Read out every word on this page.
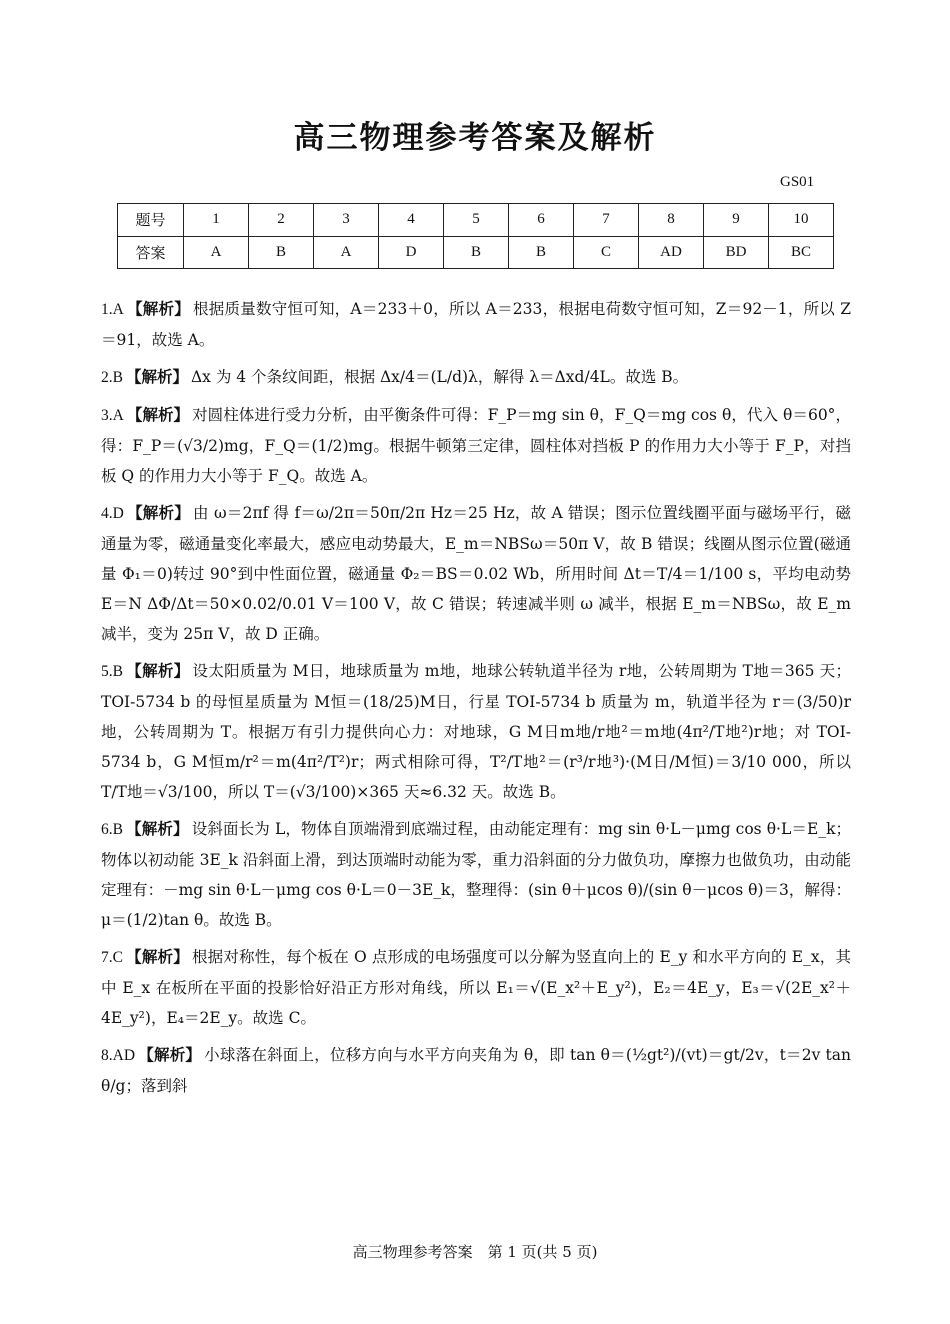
高三物理参考答案及解析
GS01
题号	1	2	3	4	5	6	7	8	9	10
答案	A	B	A	D	B	B	C	AD	BD	BC
1.A 【解析】 根据质量数守恒可知，A＝233＋0，所以 A＝233，根据电荷数守恒可知，Z＝92－1，所以 Z＝91，故选 A。
2.B 【解析】 Δx 为 4 个条纹间距，根据 Δx/4＝(L/d)λ，解得 λ＝Δxd/4L。故选 B。
3.A 【解析】 对圆柱体进行受力分析，由平衡条件可得：F_P＝mg sin θ，F_Q＝mg cos θ，代入 θ＝60°，得：F_P＝(√3/2)mg，F_Q＝(1/2)mg。根据牛顿第三定律，圆柱体对挡板 P 的作用力大小等于 F_P，对挡板 Q 的作用力大小等于 F_Q。故选 A。
4.D 【解析】 由 ω＝2πf 得 f＝ω/2π＝50π/2π Hz＝25 Hz，故 A 错误；图示位置线圈平面与磁场平行，磁通量为零，磁通量变化率最大，感应电动势最大，E_m＝NBSω＝50π V，故 B 错误；线圈从图示位置(磁通量 Φ₁＝0)转过 90°到中性面位置，磁通量 Φ₂＝BS＝0.02 Wb，所用时间 Δt＝T/4＝1/100 s，平均电动势 E＝N ΔΦ/Δt＝50×0.02/0.01 V＝100 V，故 C 错误；转速减半则 ω 减半，根据 E_m＝NBSω，故 E_m 减半，变为 25π V，故 D 正确。
5.B 【解析】 设太阳质量为 M日，地球质量为 m地，地球公转轨道半径为 r地，公转周期为 T地＝365 天；TOI-5734 b 的母恒星质量为 M恒＝(18/25)M日，行星 TOI-5734 b 质量为 m，轨道半径为 r＝(3/50)r地，公转周期为 T。根据万有引力提供向心力：对地球，G M日m地/r地²＝m地(4π²/T地²)r地；对 TOI-5734 b，G M恒m/r²＝m(4π²/T²)r；两式相除可得，T²/T地²＝(r³/r地³)·(M日/M恒)＝3/10 000，所以 T/T地＝√3/100，所以 T＝(√3/100)×365 天≈6.32 天。故选 B。
6.B 【解析】 设斜面长为 L，物体自顶端滑到底端过程，由动能定理有：mg sin θ·L－μmg cos θ·L＝E_k；物体以初动能 3E_k 沿斜面上滑，到达顶端时动能为零，重力沿斜面的分力做负功，摩擦力也做负功，由动能定理有：－mg sin θ·L－μmg cos θ·L＝0－3E_k，整理得：(sin θ＋μcos θ)/(sin θ－μcos θ)＝3，解得：μ＝(1/2)tan θ。故选 B。
7.C 【解析】 根据对称性，每个板在 O 点形成的电场强度可以分解为竖直向上的 E_y 和水平方向的 E_x，其中 E_x 在板所在平面的投影恰好沿正方形对角线，所以 E₁＝√(E_x²＋E_y²)，E₂＝4E_y，E₃＝√(2E_x²＋4E_y²)，E₄＝2E_y。故选 C。
8.AD 【解析】 小球落在斜面上，位移方向与水平方向夹角为 θ，即 tan θ＝(½gt²)/(vt)＝gt/2v，t＝2v tan θ/g；落到斜
高三物理参考答案　第 1 页(共 5 页)
